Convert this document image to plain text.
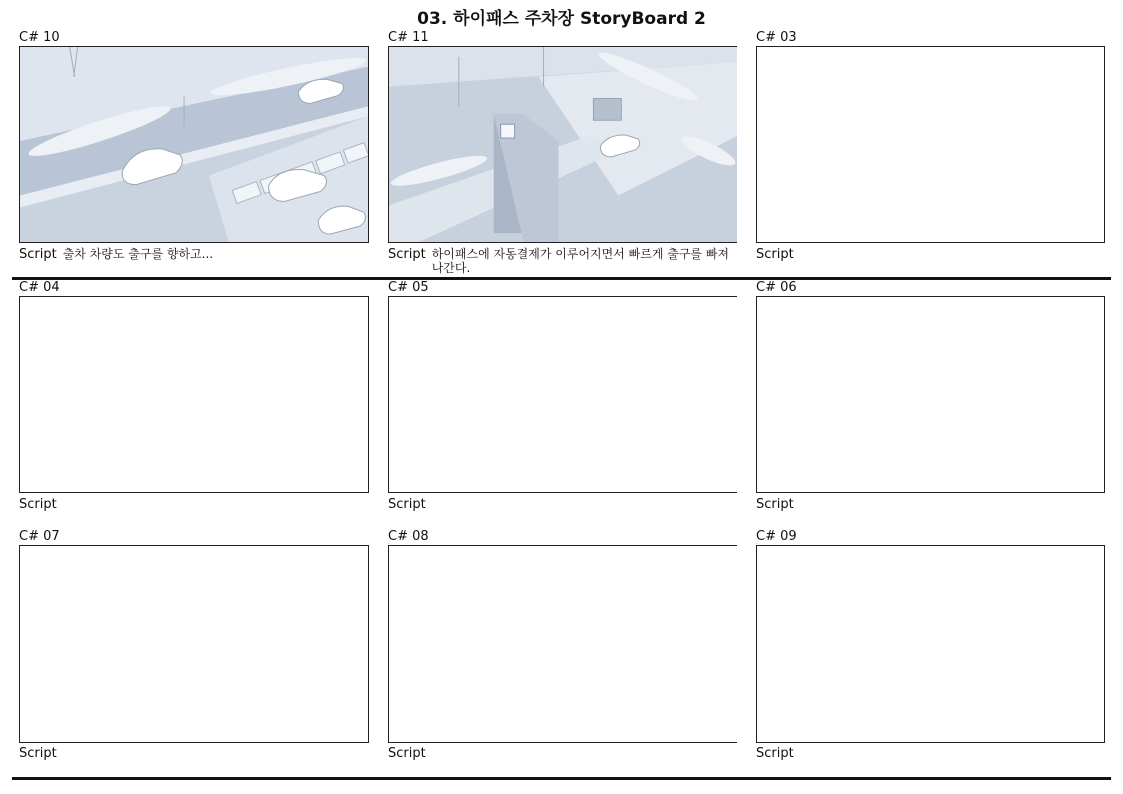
03. 하이패스 주차장 StoryBoard 2
C# 10
Script 출차 차량도 출구를 향하고...
C# 11
Script 하이패스에 자동결제가 이루어지면서 빠르게 출구를 빠져 나간다.
C# 03
Script
C# 04
Script
C# 05
Script
C# 06
Script
C# 07
Script
C# 08
Script
C# 09
Script
